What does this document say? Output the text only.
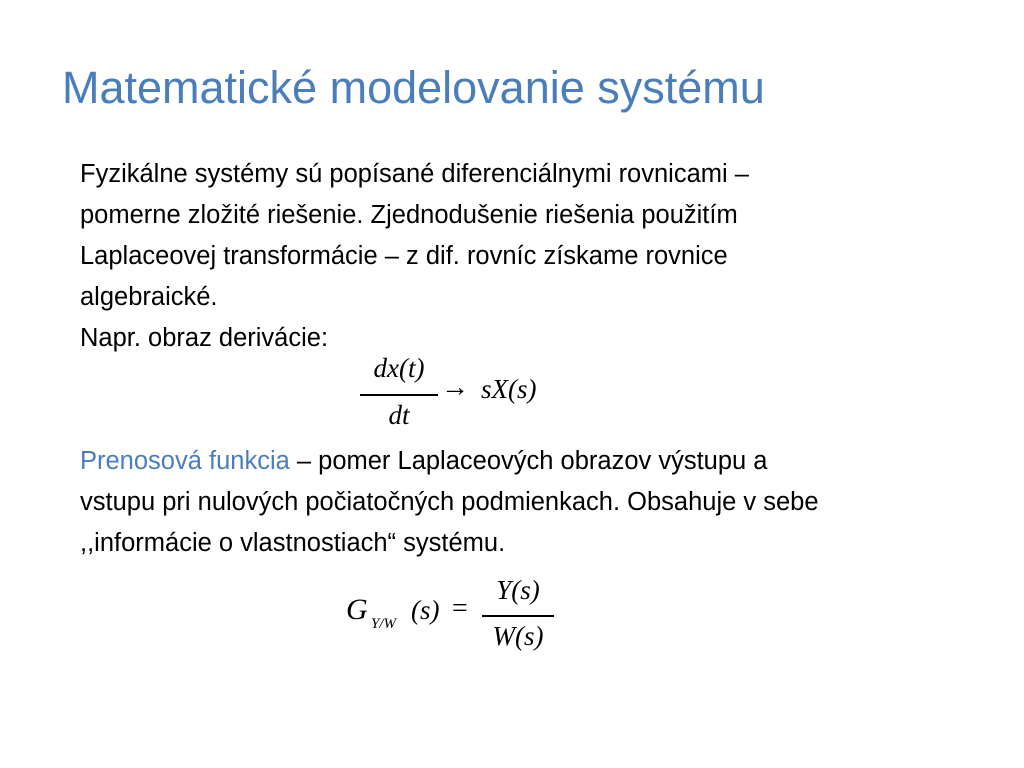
Matematické modelovanie systému
Fyzikálne systémy sú popísané diferenciálnymi rovnicami –
pomerne zložité riešenie. Zjednodušenie riešenia použitím
Laplaceovej transformácie – z dif. rovníc získame rovnice
algebraické.
Napr. obraz derivácie:
dx(t)
dt
→ sX(s)
Prenosová funkcia – pomer Laplaceových obrazov výstupu a
vstupu pri nulových počiatočných podmienkach. Obsahuje v sebe
,,informácie o vlastnostiach“ systému.
G Y/W (s) =
Y(s)
W(s)
